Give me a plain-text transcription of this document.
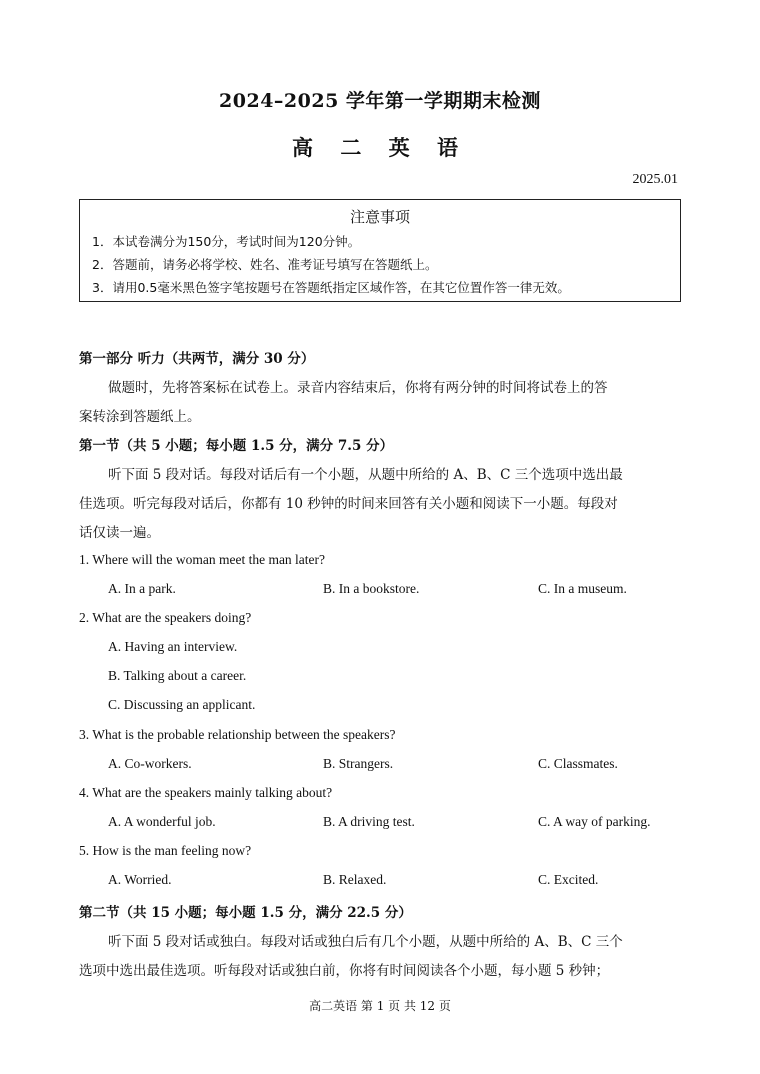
2024–2025 学年第一学期期末检测
高 二 英 语
2025.01
注意事项
1．本试卷满分为150分，考试时间为120分钟。
2．答题前，请务必将学校、姓名、准考证号填写在答题纸上。
3．请用0.5毫米黑色签字笔按题号在答题纸指定区域作答，在其它位置作答一律无效。
第一部分 听力（共两节，满分 30 分）
做题时，先将答案标在试卷上。录音内容结束后，你将有两分钟的时间将试卷上的答
案转涂到答题纸上。
第一节（共 5 小题；每小题 1.5 分，满分 7.5 分）
听下面 5 段对话。每段对话后有一个小题，从题中所给的 A、B、C 三个选项中选出最
佳选项。听完每段对话后，你都有 10 秒钟的时间来回答有关小题和阅读下一小题。每段对
话仅读一遍。
1. Where will the woman meet the man later?
A. In a park.	B. In a bookstore.	C. In a museum.
2. What are the speakers doing?
A. Having an interview.
B. Talking about a career.
C. Discussing an applicant.
3. What is the probable relationship between the speakers?
A. Co-workers.	B. Strangers.	C. Classmates.
4. What are the speakers mainly talking about?
A. A wonderful job.	B. A driving test.	C. A way of parking.
5. How is the man feeling now?
A. Worried.	B. Relaxed.	C. Excited.
第二节（共 15 小题；每小题 1.5 分，满分 22.5 分）
听下面 5 段对话或独白。每段对话或独白后有几个小题，从题中所给的 A、B、C 三个
选项中选出最佳选项。听每段对话或独白前，你将有时间阅读各个小题，每小题 5 秒钟；
高二英语 第 1 页 共 12 页
